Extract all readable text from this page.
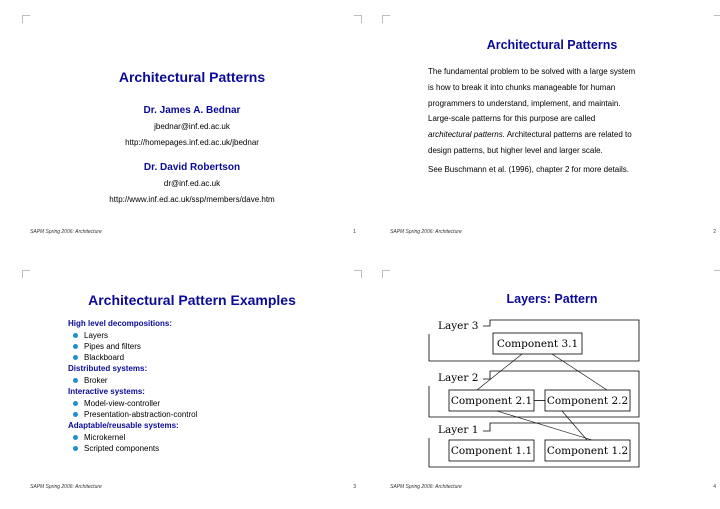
Architectural Patterns
Dr. James A. Bednar
jbednar@inf.ed.ac.uk
http://homepages.inf.ed.ac.uk/jbednar
Dr. David Robertson
dr@inf.ed.ac.uk
http://www.inf.ed.ac.uk/ssp/members/dave.htm
SAPM Spring 2006: Architecture	1
Architectural Patterns
The fundamental problem to be solved with a large system
is how to break it into chunks manageable for human
programmers to understand, implement, and maintain.
Large-scale patterns for this purpose are called
architectural patterns. Architectural patterns are related to
design patterns, but higher level and larger scale.
See Buschmann et al. (1996), chapter 2 for more details.
SAPM Spring 2006: Architecture	2
Architectural Pattern Examples
High level decompositions:
Layers
Pipes and filters
Blackboard
Distributed systems:
Broker
Interactive systems:
Model-view-controller
Presentation-abstraction-control
Adaptable/reusable systems:
Microkernel
Scripted components
SAPM Spring 2006: Architecture	3
Layers: Pattern
Layer 3
Component 3.1
Layer 2
Component 2.1 Component 2.2
Layer 1
Component 1.1 Component 1.2
SAPM Spring 2006: Architecture	4
